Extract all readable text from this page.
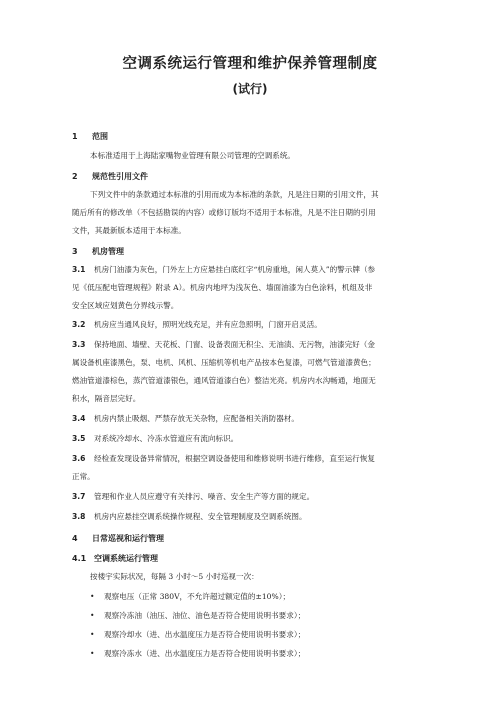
空调系统运行管理和维护保养管理制度
(试行)
1 范围
本标准适用于上海陆家嘴物业管理有限公司管理的空调系统。
2 规范性引用文件
下列文件中的条款通过本标准的引用而成为本标准的条款，凡是注日期的引用文件，其
随后所有的修改单（不包括勘误的内容）或修订版均不适用于本标准，凡是不注日期的引用
文件，其最新版本适用于本标准。
3 机房管理
3.1 机房门油漆为灰色，门外左上方应悬挂白底红字“机房重地，闲人莫入”的警示牌（参
见《低压配电管理规程》附录 A）。机房内地坪为浅灰色、墙面油漆为白色涂料，机组及非
安全区域应划黄色分界线示警。
3.2 机房应当通风良好，照明光线充足，并有应急照明，门窗开启灵活。
3.3 保持地面、墙壁、天花板、门窗、设备表面无积尘、无油渍、无污物，油漆完好（金
属设备机座漆黑色，泵、电机、风机、压缩机等机电产品按本色复漆，可燃气管道漆黄色；
燃油管道漆棕色，蒸汽管道漆银色，通风管道漆白色）整洁光亮。机房内水沟畅通，地面无
积水，隔音层完好。
3.4 机房内禁止吸烟、严禁存放无关杂物，应配备相关消防器材。
3.5 对系统冷却水、冷冻水管道应有流向标识。
3.6 经检查发现设备异常情况，根据空调设备使用和维修说明书进行维修，直至运行恢复
正常。
3.7 管理和作业人员应遵守有关排污、噪音、安全生产等方面的规定。
3.8 机房内应悬挂空调系统操作规程、安全管理制度及空调系统图。
4 日常巡视和运行管理
4.1 空调系统运行管理
按楼宇实际状况，每隔 3 小时～5 小时巡视一次：
• 观察电压（正常 380V，不允许超过额定值的±10%）；
• 观察冷冻油（油压、油位、油色是否符合使用说明书要求）；
• 观察冷却水（进、出水温度压力是否符合使用说明书要求）；
• 观察冷冻水（进、出水温度压力是否符合使用说明书要求）；
